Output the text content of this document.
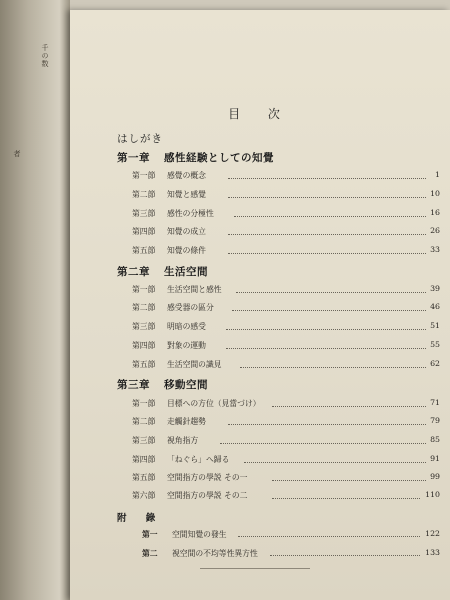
千の数
者
目 次
はしがき
第一章 感性経験としての知覺
第一節 感覺の概念	1
第二節 知覺と感覺	10
第三節 感性の分極性	16
第四節 知覺の成立	26
第五節 知覺の條件	33
第二章 生活空間
第一節 生活空間と感性	39
第二節 感受器の區分	46
第三節 明暗の感受	51
第四節 對象の運動	55
第五節 生活空間の識見	62
第三章 移動空間
第一節 目標への方位（見當づけ）	71
第二節 走觸針趨勢	79
第三節 視角指方	85
第四節 「ねぐら」へ歸る	91
第五節 空間指方の學説 その一	99
第六節 空間指方の學説 その二	110
附 錄
第一 空間知覺の發生	122
第二 視空間の不均等性異方性	133
